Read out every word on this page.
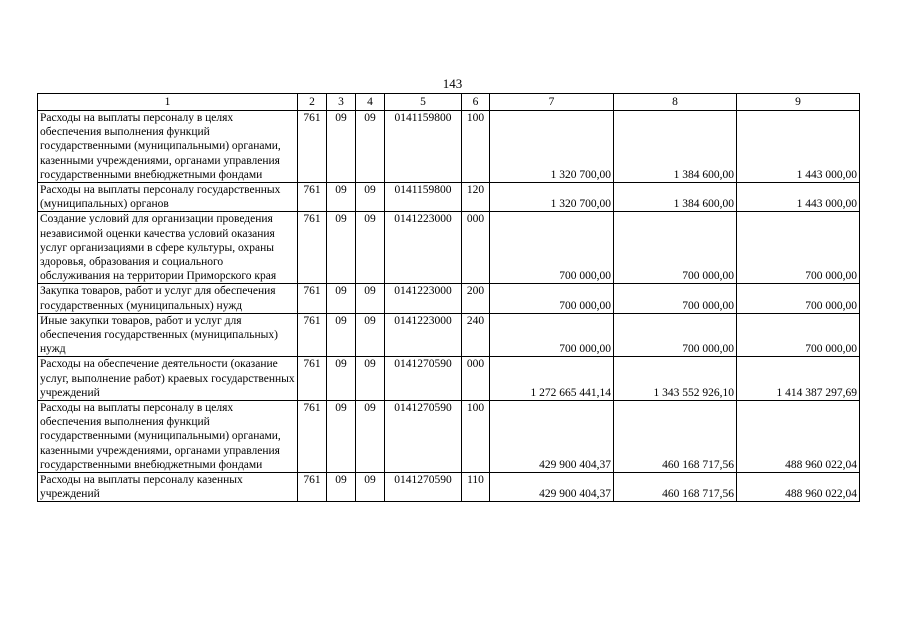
143
1	2	3	4	5	6	7	8	9
Расходы на выплаты персоналу в целях обеспечения выполнения функций государственными (муниципальными) органами, казенными учреждениями, органами управления государственными внебюджетными фондами	761	09	09	0141159800	100	1 320 700,00	1 384 600,00	1 443 000,00
Расходы на выплаты персоналу государственных (муниципальных) органов	761	09	09	0141159800	120	1 320 700,00	1 384 600,00	1 443 000,00
Создание условий для организации проведения независимой оценки качества условий оказания услуг организациями в сфере культуры, охраны здоровья, образования и социального обслуживания на территории Приморского края	761	09	09	0141223000	000	700 000,00	700 000,00	700 000,00
Закупка товаров, работ и услуг для обеспечения государственных (муниципальных) нужд	761	09	09	0141223000	200	700 000,00	700 000,00	700 000,00
Иные закупки товаров, работ и услуг для обеспечения государственных (муниципальных) нужд	761	09	09	0141223000	240	700 000,00	700 000,00	700 000,00
Расходы на обеспечение деятельности (оказание услуг, выполнение работ) краевых государственных учреждений	761	09	09	0141270590	000	1 272 665 441,14	1 343 552 926,10	1 414 387 297,69
Расходы на выплаты персоналу в целях обеспечения выполнения функций государственными (муниципальными) органами, казенными учреждениями, органами управления государственными внебюджетными фондами	761	09	09	0141270590	100	429 900 404,37	460 168 717,56	488 960 022,04
Расходы на выплаты персоналу казенных учреждений	761	09	09	0141270590	110	429 900 404,37	460 168 717,56	488 960 022,04
